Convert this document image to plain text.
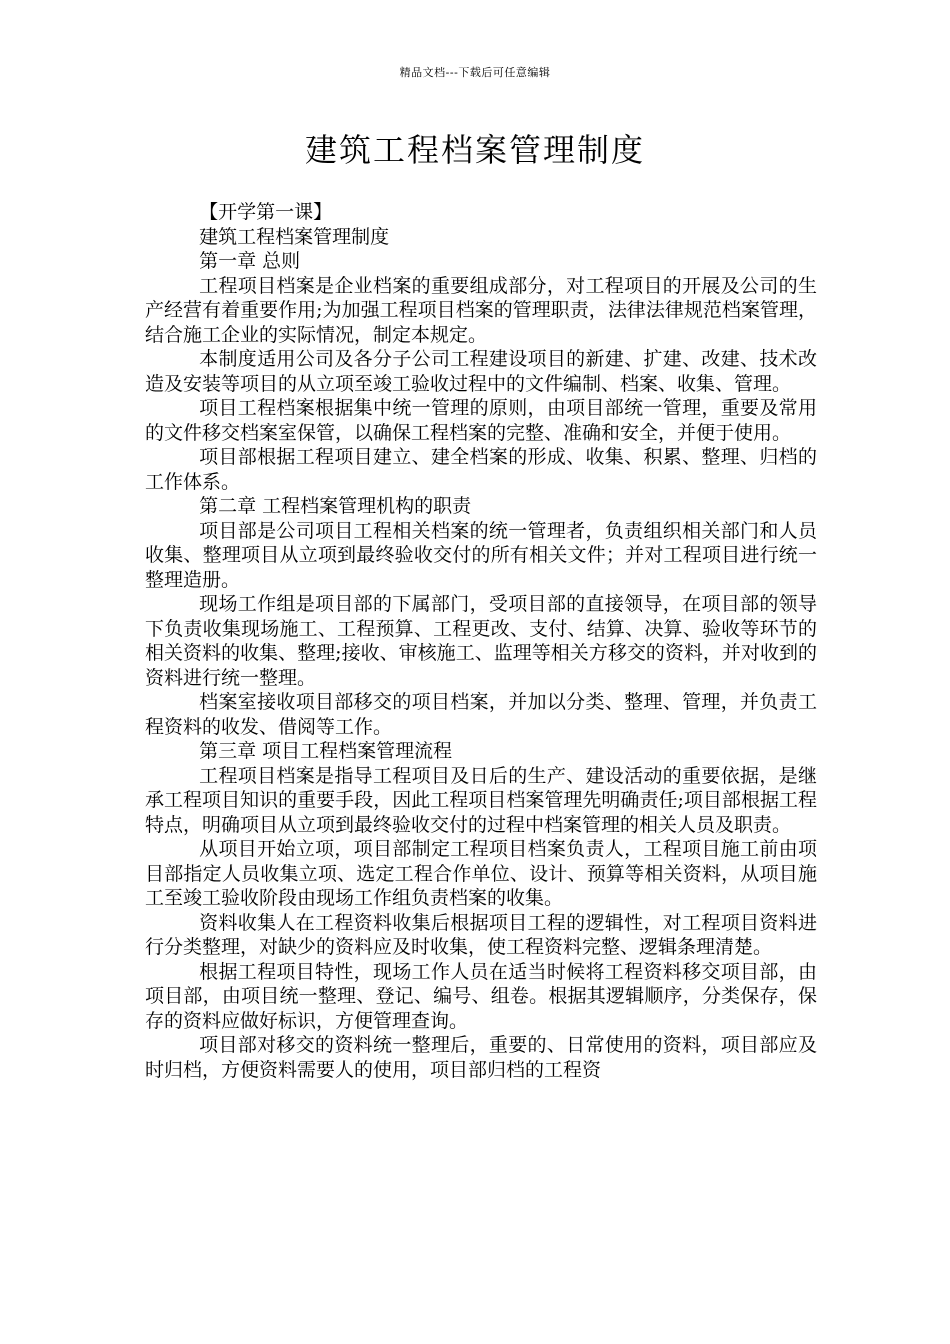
精品文档---下载后可任意编辑
建筑工程档案管理制度

【开学第一课】

建筑工程档案管理制度

第一章 总则

工程项目档案是企业档案的重要组成部分，对工程项目的开展及公司的生产经营有着重要作用;为加强工程项目档案的管理职责，法律法律规范档案管理，结合施工企业的实际情况，制定本规定。

本制度适用公司及各分子公司工程建设项目的新建、扩建、改建、技术改造及安装等项目的从立项至竣工验收过程中的文件编制、档案、收集、管理。

项目工程档案根据集中统一管理的原则，由项目部统一管理，重要及常用的文件移交档案室保管，以确保工程档案的完整、准确和安全，并便于使用。

项目部根据工程项目建立、建全档案的形成、收集、积累、整理、归档的工作体系。

第二章 工程档案管理机构的职责

项目部是公司项目工程相关档案的统一管理者，负责组织相关部门和人员收集、整理项目从立项到最终验收交付的所有相关文件；并对工程项目进行统一整理造册。

现场工作组是项目部的下属部门，受项目部的直接领导，在项目部的领导下负责收集现场施工、工程预算、工程更改、支付、结算、决算、验收等环节的相关资料的收集、整理;接收、审核施工、监理等相关方移交的资料，并对收到的资料进行统一整理。

档案室接收项目部移交的项目档案，并加以分类、整理、管理，并负责工程资料的收发、借阅等工作。

第三章 项目工程档案管理流程

工程项目档案是指导工程项目及日后的生产、建设活动的重要依据，是继承工程项目知识的重要手段，因此工程项目档案管理先明确责任;项目部根据工程特点，明确项目从立项到最终验收交付的过程中档案管理的相关人员及职责。

从项目开始立项，项目部制定工程项目档案负责人，工程项目施工前由项目部指定人员收集立项、选定工程合作单位、设计、预算等相关资料，从项目施工至竣工验收阶段由现场工作组负责档案的收集。

资料收集人在工程资料收集后根据项目工程的逻辑性，对工程项目资料进行分类整理，对缺少的资料应及时收集，使工程资料完整、逻辑条理清楚。

根据工程项目特性，现场工作人员在适当时候将工程资料移交项目部，由项目部，由项目统一整理、登记、编号、组卷。根据其逻辑顺序，分类保存，保存的资料应做好标识，方便管理查询。

项目部对移交的资料统一整理后，重要的、日常使用的资料，项目部应及时归档，方便资料需要人的使用，项目部归档的工程资
